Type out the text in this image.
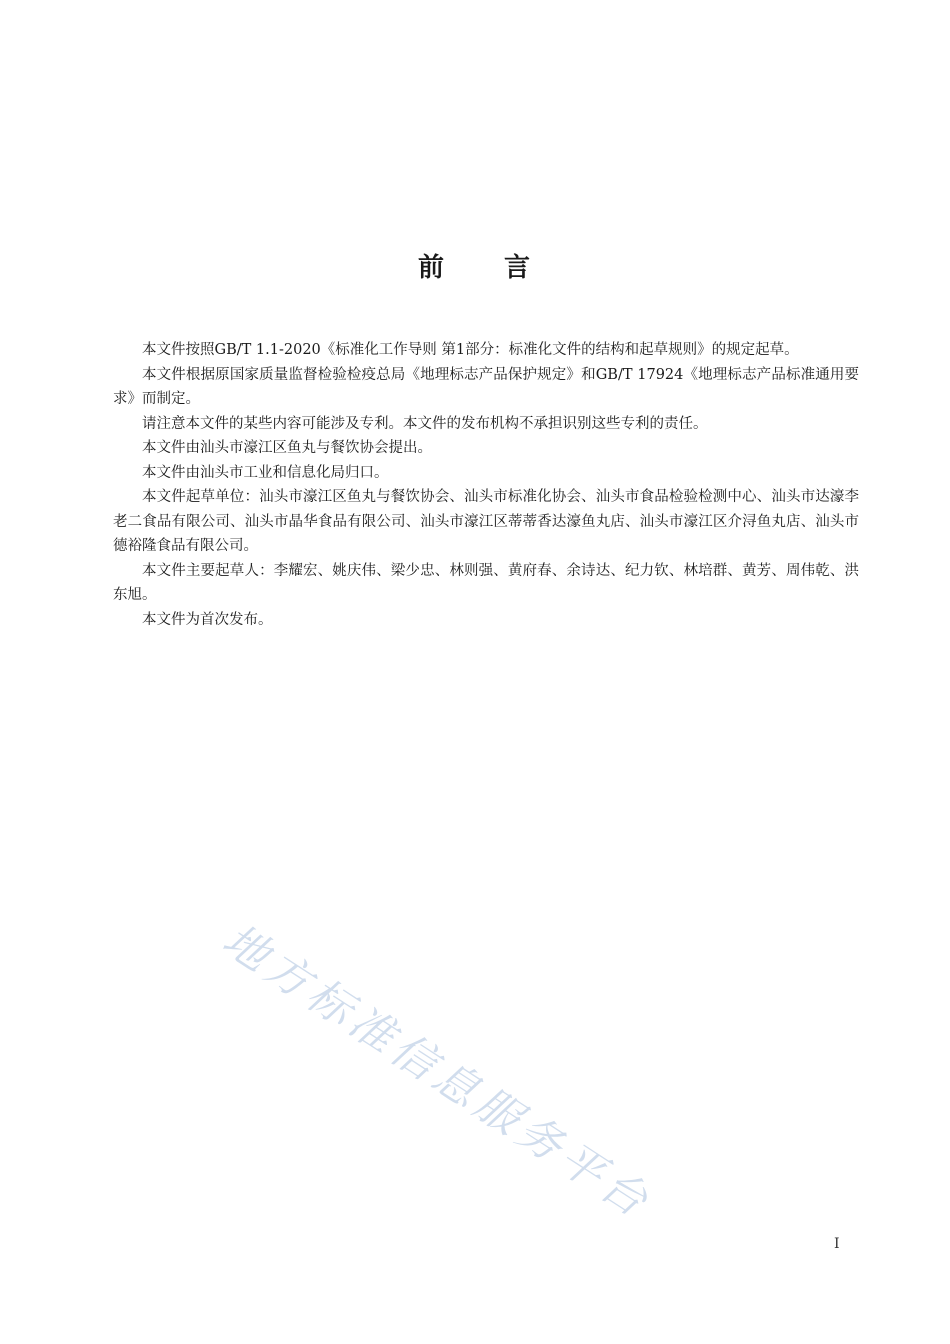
前 言

本文件按照GB/T 1.1-2020《标准化工作导则 第1部分：标准化文件的结构和起草规则》的规定起草。

本文件根据原国家质量监督检验检疫总局《地理标志产品保护规定》和GB/T 17924《地理标志产品标准通用要求》而制定。

请注意本文件的某些内容可能涉及专利。本文件的发布机构不承担识别这些专利的责任。

本文件由汕头市濠江区鱼丸与餐饮协会提出。

本文件由汕头市工业和信息化局归口。

本文件起草单位：汕头市濠江区鱼丸与餐饮协会、汕头市标准化协会、汕头市食品检验检测中心、汕头市达濠李老二食品有限公司、汕头市晶华食品有限公司、汕头市濠江区蒂蒂香达濠鱼丸店、汕头市濠江区介浔鱼丸店、汕头市德裕隆食品有限公司。

本文件主要起草人：李耀宏、姚庆伟、梁少忠、林则强、黄府春、余诗达、纪力钦、林培群、黄芳、周伟乾、洪东旭。

本文件为首次发布。

地方标准信息服务平台
I
